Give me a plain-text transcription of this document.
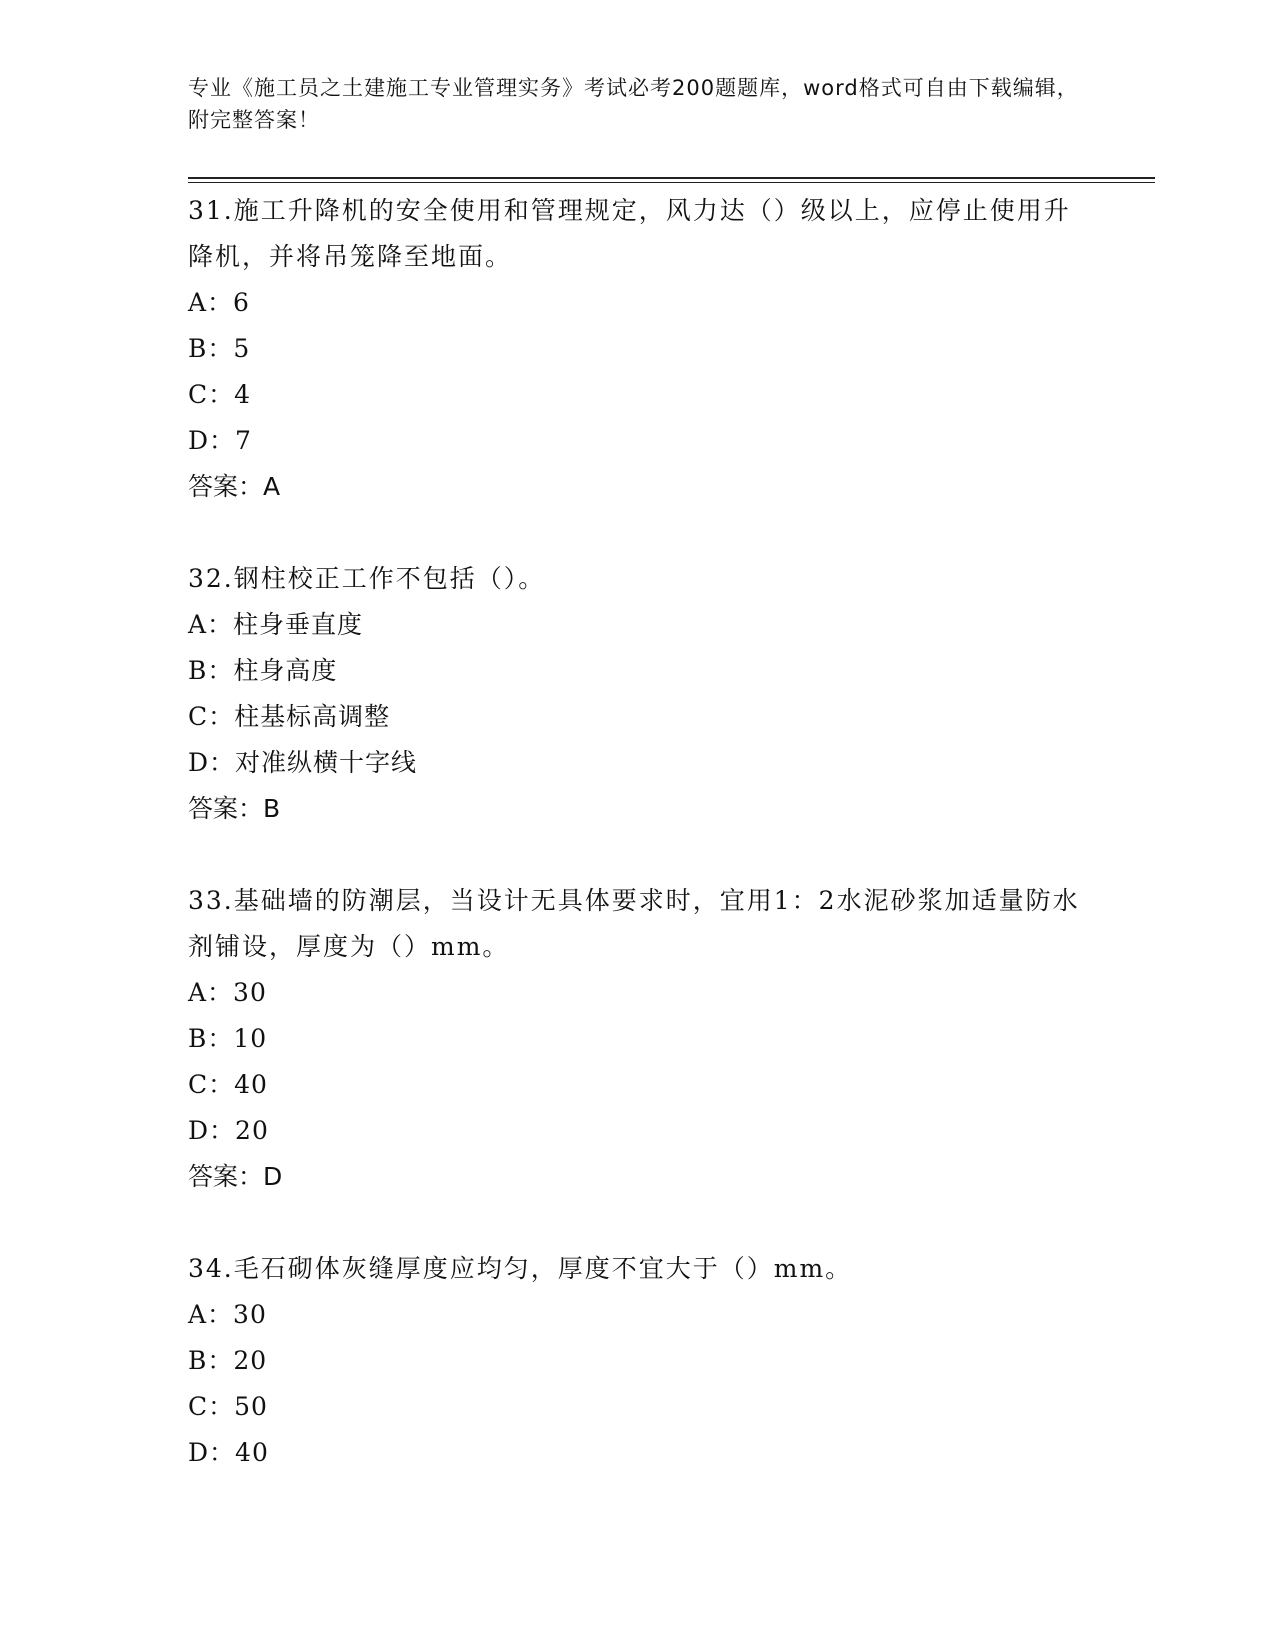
专业《施工员之土建施工专业管理实务》考试必考200题题库，word格式可自由下载编辑，附完整答案！

31.施工升降机的安全使用和管理规定，风力达（）级以上，应停止使用升降机，并将吊笼降至地面。

A：6

B：5

C：4

D：7

答案：A

32.钢柱校正工作不包括（）。

A：柱身垂直度

B：柱身高度

C：柱基标高调整

D：对准纵横十字线

答案：B

33.基础墙的防潮层，当设计无具体要求时，宜用1：2水泥砂浆加适量防水剂铺设，厚度为（）mm。

A：30

B：10

C：40

D：20

答案：D

34.毛石砌体灰缝厚度应均匀，厚度不宜大于（）mm。

A：30

B：20

C：50

D：40
